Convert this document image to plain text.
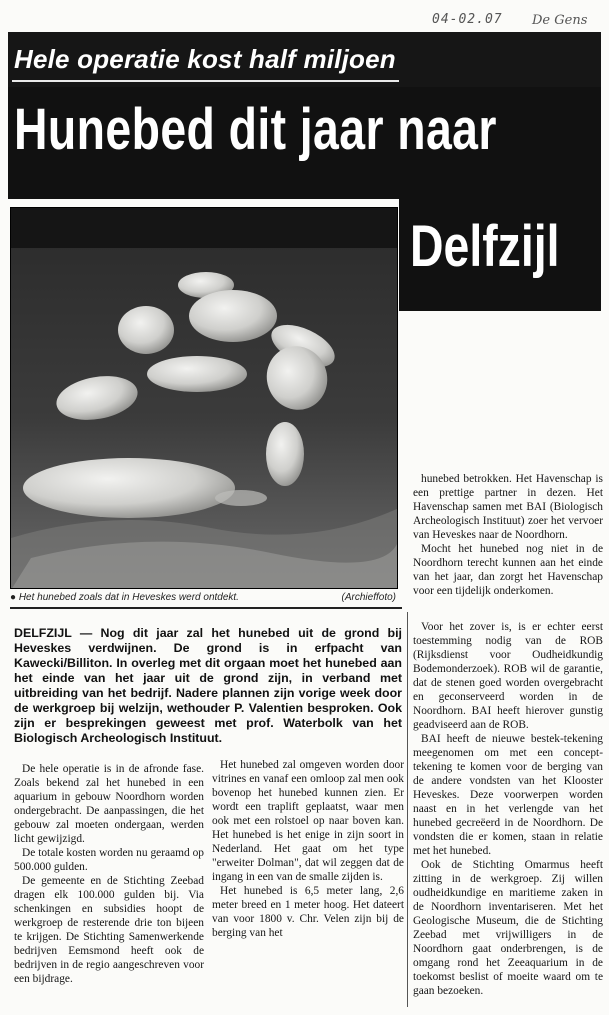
04-02.07 De Gens
Hele operatie kost half miljoen
Hunebed dit jaar naar
Delfzijl
● Het hunebed zoals dat in Heveskes werd ontdekt.	(Archieffoto)

hunebed betrokken. Het Havenschap is een prettige partner in dezen. Het Havenschap samen met BAI (Biologisch Archeologisch Instituut) zoer het vervoer van Heveskes naar de Noordhorn.

Mocht het hunebed nog niet in de Noordhorn terecht kunnen aan het einde van het jaar, dan zorgt het Havenschap voor een tijdelijk onderkomen.

DELFZIJL — Nog dit jaar zal het hunebed uit de grond bij Heveskes verdwijnen. De grond is in erfpacht van Kawecki/Billiton. In overleg met dit orgaan moet het hunebed aan het einde van het jaar uit de grond zijn, in verband met uitbreiding van het bedrijf. Nadere plannen zijn vorige week door de werkgroep bij welzijn, wethouder P. Valentien besproken. Ook zijn er besprekingen geweest met prof. Waterbolk van het Biologisch Archeologisch Instituut.

De hele operatie is in de afronde fase. Zoals bekend zal het hunebed in een aquarium in gebouw Noordhorn worden ondergebracht. De aanpassingen, die het gebouw zal moeten ondergaan, werden licht gewijzigd.

De totale kosten worden nu geraamd op 500.000 gulden.

De gemeente en de Stichting Zeebad dragen elk 100.000 gulden bij. Via schenkingen en subsidies hoopt de werkgroep de resterende drie ton bijeen te krijgen. De Stichting Samenwerkende bedrijven Eemsmond heeft ook de bedrijven in de regio aangeschreven voor een bijdrage.

Het hunebed zal omgeven worden door vitrines en vanaf een omloop zal men ook bovenop het hunebed kunnen zien. Er wordt een traplift geplaatst, waar men ook met een rolstoel op naar boven kan. Het hunebed is het enige in zijn soort in Nederland. Het gaat om het type "erweiter Dolman", dat wil zeggen dat de ingang in een van de smalle zijden is.

Het hunebed is 6,5 meter lang, 2,6 meter breed en 1 meter hoog. Het dateert van voor 1800 v. Chr. Velen zijn bij de berging van het

Voor het zover is, is er echter eerst toestemming nodig van de ROB (Rijksdienst voor Oudheidkundig Bodemonderzoek). ROB wil de garantie, dat de stenen goed worden overgebracht en geconserveerd worden in de Noordhorn. BAI heeft hierover gunstig geadviseerd aan de ROB.

BAI heeft de nieuwe bestek-tekening meegenomen om met een concept-tekening te komen voor de berging van de andere vondsten van het Klooster Heveskes. Deze voorwerpen worden naast en in het verlengde van het hunebed gecreëerd in de Noordhorn. De vondsten die er komen, staan in relatie met het hunebed.

Ook de Stichting Omarmus heeft zitting in de werkgroep. Zij willen oudheidkundige en maritieme zaken in de Noordhorn inventariseren. Met het Geologische Museum, die de Stichting Zeebad met vrijwilligers in de Noordhorn gaat onderbrengen, is de omgang rond het Zeeaquarium in de toekomst beslist of moeite waard om te gaan bezoeken.
